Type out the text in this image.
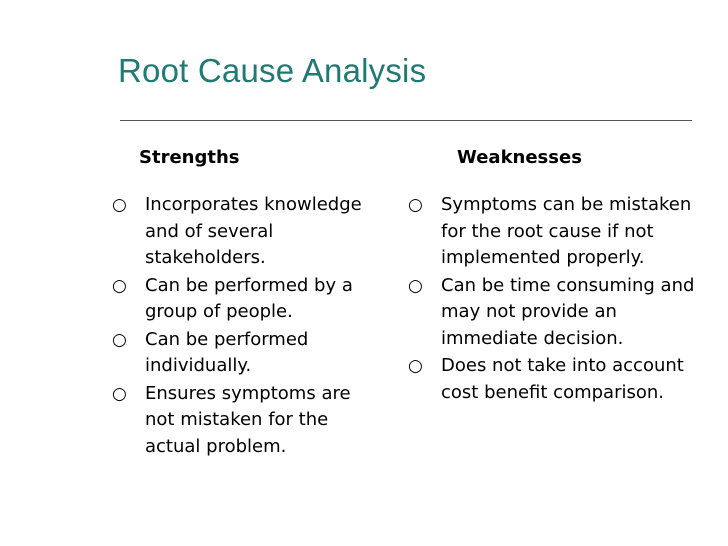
Root Cause Analysis
Strengths	Weaknesses
○ Incorporates knowledge and of several stakeholders.
○ Can be performed by a group of people.
○ Can be performed individually.
○ Ensures symptoms are not mistaken for the actual problem.
○ Symptoms can be mistaken for the root cause if not implemented properly.
○ Can be time consuming and may not provide an immediate decision.
○ Does not take into account cost benefit comparison.
